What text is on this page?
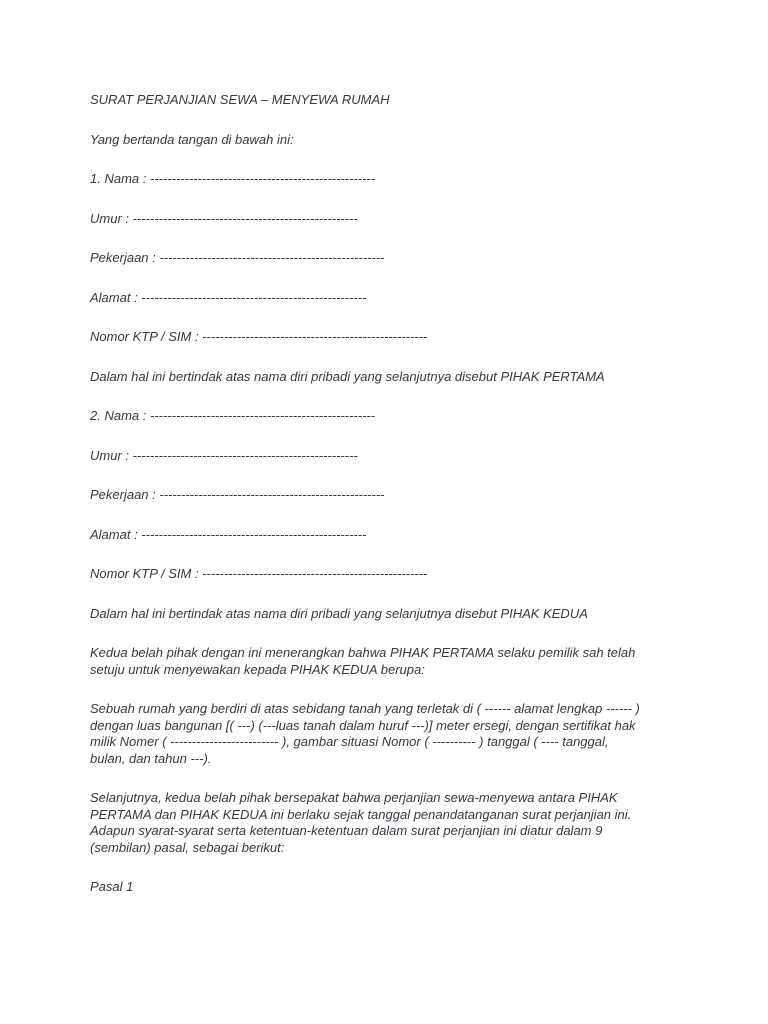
SURAT PERJANJIAN SEWA – MENYEWA RUMAH

Yang bertanda tangan di bawah ini:

1. Nama : ----------------------------------------------------

Umur : ----------------------------------------------------

Pekerjaan : ----------------------------------------------------

Alamat : ----------------------------------------------------

Nomor KTP / SIM : ----------------------------------------------------

Dalam hal ini bertindak atas nama diri pribadi yang selanjutnya disebut PIHAK PERTAMA

2. Nama : ----------------------------------------------------

Umur : ----------------------------------------------------

Pekerjaan : ----------------------------------------------------

Alamat : ----------------------------------------------------

Nomor KTP / SIM : ----------------------------------------------------

Dalam hal ini bertindak atas nama diri pribadi yang selanjutnya disebut PIHAK KEDUA

Kedua belah pihak dengan ini menerangkan bahwa PIHAK PERTAMA selaku pemilik sah telah
setuju untuk menyewakan kepada PIHAK KEDUA berupa:

Sebuah rumah yang berdiri di atas sebidang tanah yang terletak di ( ------ alamat lengkap ------ )
dengan luas bangunan [( ---) (---luas tanah dalam huruf ---)] meter ersegi, dengan sertifikat hak
milik Nomer ( ------------------------- ), gambar situasi Nomor ( ---------- ) tanggal ( ---- tanggal,
bulan, dan tahun ---).

Selanjutnya, kedua belah pihak bersepakat bahwa perjanjian sewa-menyewa antara PIHAK
PERTAMA dan PIHAK KEDUA ini berlaku sejak tanggal penandatanganan surat perjanjian ini.
Adapun syarat-syarat serta ketentuan-ketentuan dalam surat perjanjian ini diatur dalam 9
(sembilan) pasal, sebagai berikut:

Pasal 1
